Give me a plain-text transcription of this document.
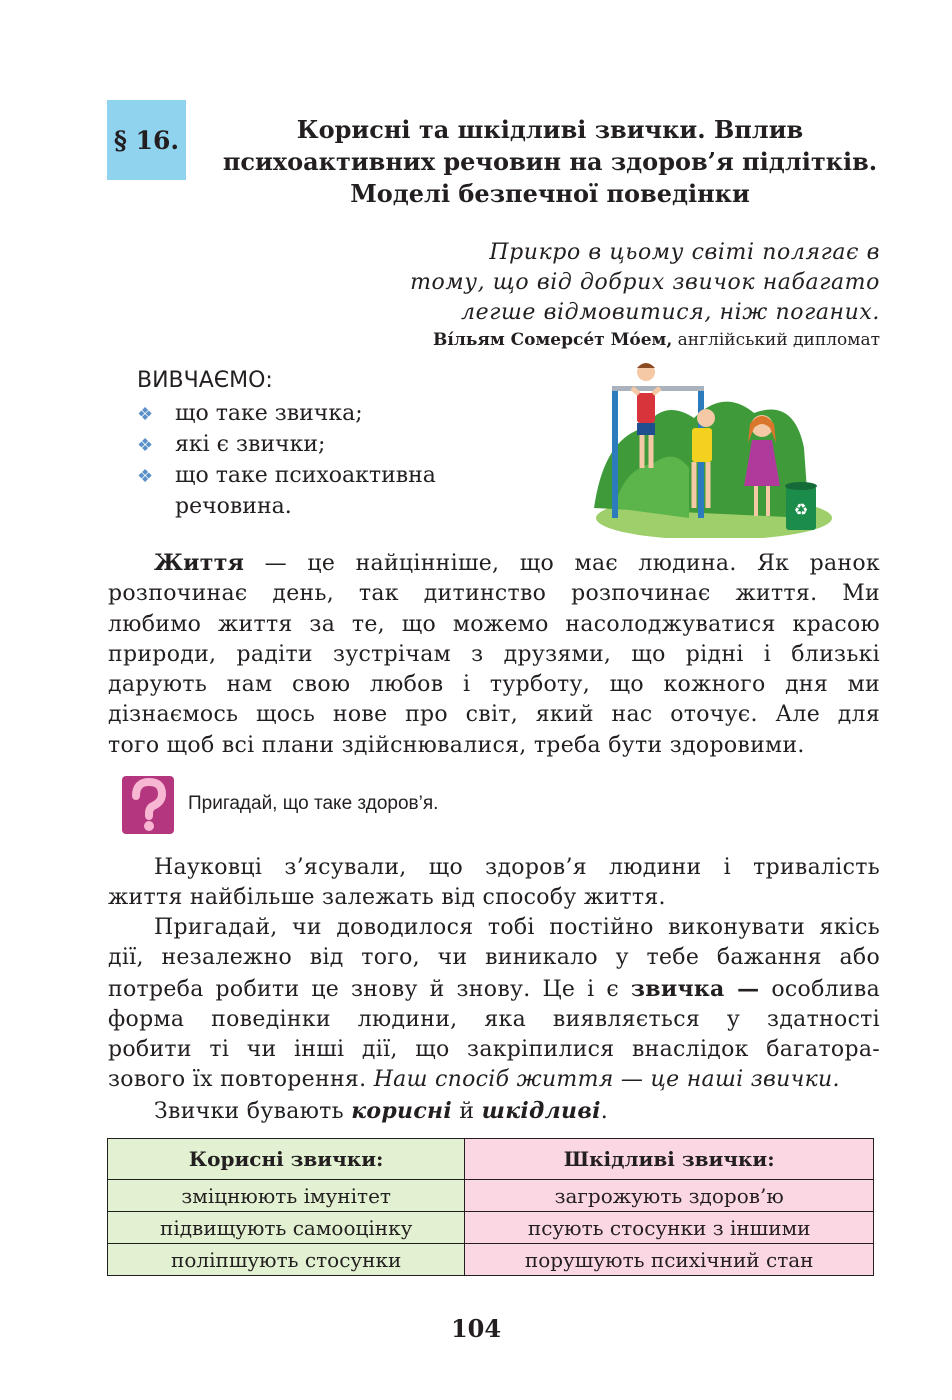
§ 16.	Корисні та шкідливі звички. Вплив
психоактивних речовин на здоров’я підлітків.
Моделі безпечної поведінки
Прикро в цьому світі полягає в
тому, що від добрих звичок набагато
легше відмовитися, ніж поганих.
Ві́льям Сомерсе́т Мо́ем, англійський дипломат
ВИВЧАЄМО:
❖ що таке звичка;
❖ які є звички;
❖ що таке психоактивна
речовина.	♻
Життя — це найцінніше, що має людина. Як ранок
розпочинає день, так дитинство розпочинає життя. Ми
любимо життя за те, що можемо насолоджуватися красою
природи, радіти зустрічам з друзями, що рідні і близькі
дарують нам свою любов і турботу, що кожного дня ми
дізнаємось щось нове про світ, який нас оточує. Але для
того щоб всі плани здійснювалися, треба бути здоровими.
Пригадай, що таке здоров’я.
Науковці з’ясували, що здоров’я людини і тривалість
життя найбільше залежать від способу життя.
Пригадай, чи доводилося тобі постійно виконувати якісь
дії, незалежно від того, чи виникало у тебе бажання або
потреба робити це знову й знову. Це і є звичка — особлива
форма поведінки людини, яка виявляється у здатності
робити ті чи інші дії, що закріпилися внаслідок багатора-
зового їх повторення. Наш спосіб життя — це наші звички.
Звички бувають корисні й шкідливі.
Корисні звички:	Шкідливі звички:
зміцнюють імунітет	загрожують здоров’ю
підвищують самооцінку	псують стосунки з іншими
поліпшують стосунки	порушують психічний стан
104
